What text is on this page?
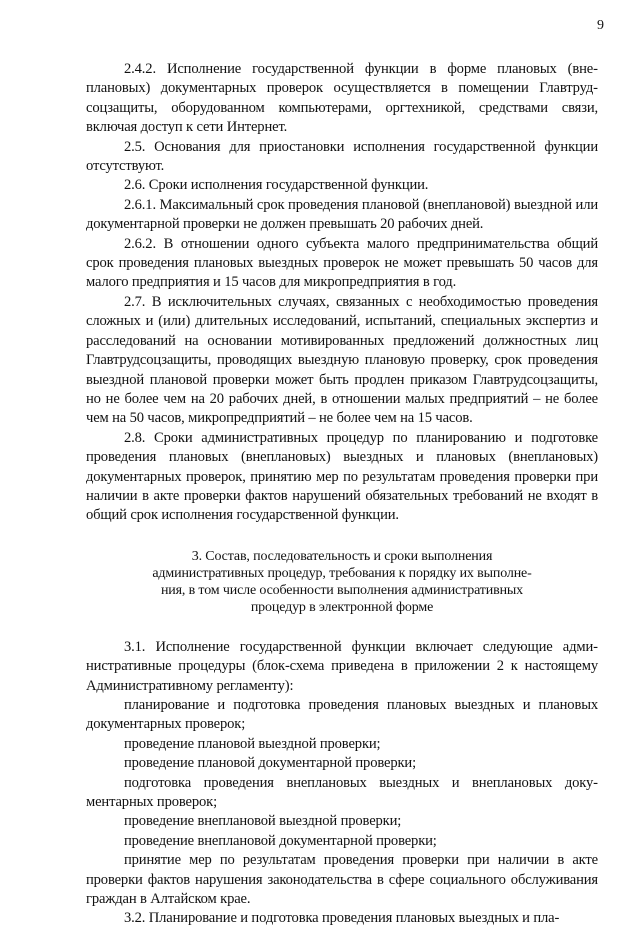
9

2.4.2. Исполнение государственной функции в форме плановых (внеплановых) документарных проверок осуществляется в помещении Главтрудсоцзащиты, оборудованном компьютерами, оргтехникой, средствами связи, включая доступ к сети Интернет.

2.5. Основания для приостановки исполнения государственной функции отсутствуют.

2.6. Сроки исполнения государственной функции.

2.6.1. Максимальный срок проведения плановой (внеплановой) выездной или документарной проверки не должен превышать 20 рабочих дней.

2.6.2. В отношении одного субъекта малого предпринимательства общий срок проведения плановых выездных проверок не может превышать 50 часов для малого предприятия и 15 часов для микропредприятия в год.

2.7. В исключительных случаях, связанных с необходимостью проведения сложных и (или) длительных исследований, испытаний, специальных экспертиз и расследований на основании мотивированных предложений должностных лиц Главтрудсоцзащиты, проводящих выездную плановую проверку, срок проведения выездной плановой проверки может быть продлен приказом Главтрудсоцзащиты, но не более чем на 20 рабочих дней, в отношении малых предприятий – не более чем на 50 часов, микропредприятий – не более чем на 15 часов.

2.8. Сроки административных процедур по планированию и подготовке проведения плановых (внеплановых) выездных и плановых (внеплановых) документарных проверок, принятию мер по результатам проведения проверки при наличии в акте проверки фактов нарушений обязательных требований не входят в общий срок исполнения государственной функции.

3. Состав, последовательность и сроки выполнения
административных процедур, требования к порядку их выполне-
ния, в том числе особенности выполнения административных
процедур в электронной форме

3.1. Исполнение государственной функции включает следующие административные процедуры (блок-схема приведена в приложении 2 к настоящему Административному регламенту):

планирование и подготовка проведения плановых выездных и плановых документарных проверок;

проведение плановой выездной проверки;

проведение плановой документарной проверки;

подготовка проведения внеплановых выездных и внеплановых документарных проверок;

проведение внеплановой выездной проверки;

проведение внеплановой документарной проверки;

принятие мер по результатам проведения проверки при наличии в акте проверки фактов нарушения законодательства в сфере социального обслуживания граждан в Алтайском крае.

3.2. Планирование и подготовка проведения плановых выездных и пла-
